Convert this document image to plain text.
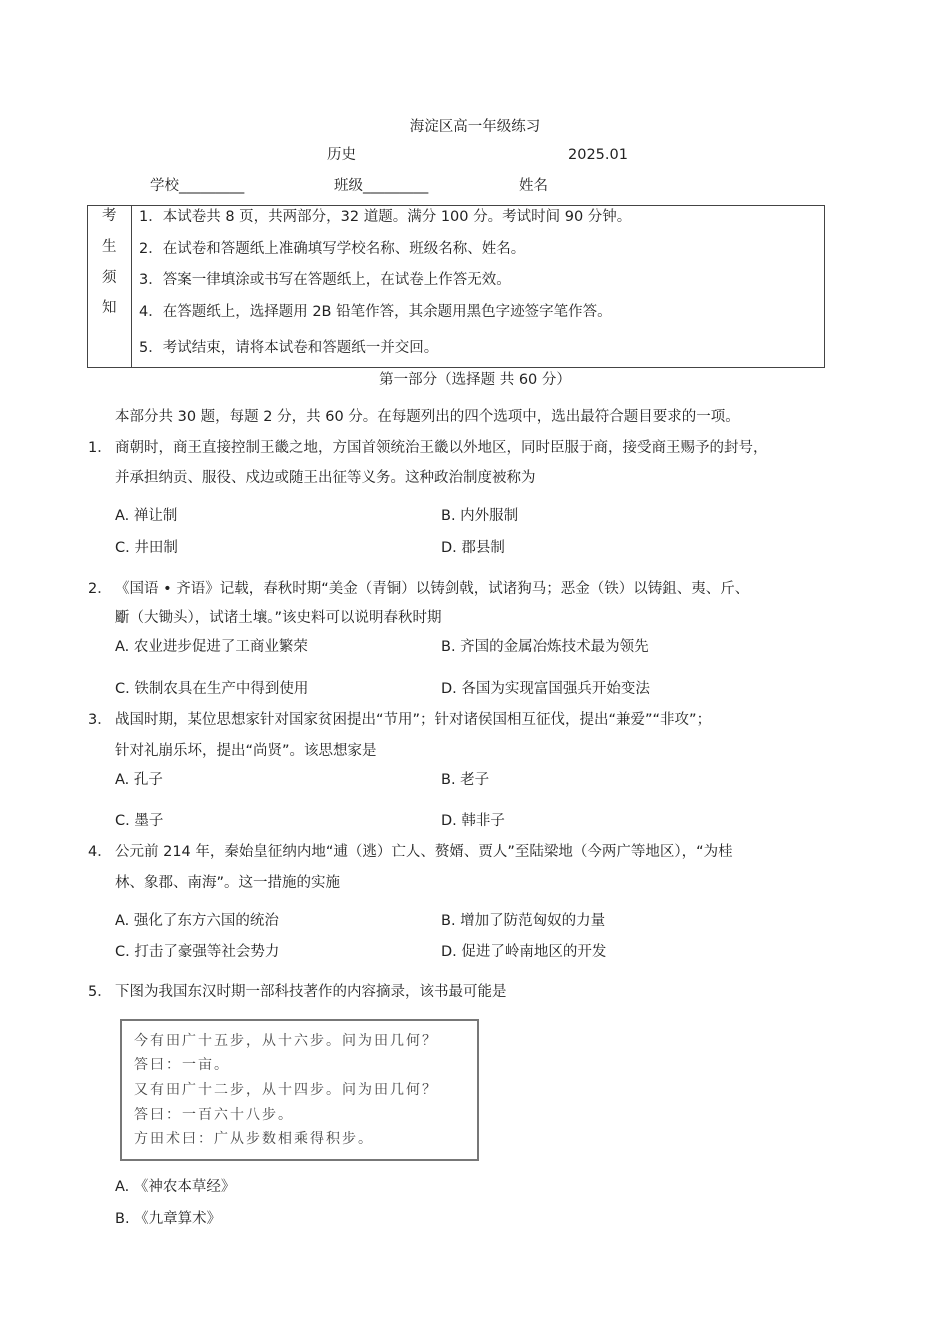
海淀区高一年级练习
历史	2025.01
学校_________	班级_________	姓名
考
生
须
知
1．本试卷共 8 页，共两部分，32 道题。满分 100 分。考试时间 90 分钟。
2．在试卷和答题纸上准确填写学校名称、班级名称、姓名。
3．答案一律填涂或书写在答题纸上，在试卷上作答无效。
4．在答题纸上，选择题用 2B 铅笔作答，其余题用黑色字迹签字笔作答。
5．考试结束，请将本试卷和答题纸一并交回。
第一部分（选择题 共 60 分）
本部分共 30 题，每题 2 分，共 60 分。在每题列出的四个选项中，选出最符合题目要求的一项。
1． 商朝时，商王直接控制王畿之地，方国首领统治王畿以外地区，同时臣服于商，接受商王赐予的封号，
并承担纳贡、服役、戍边或随王出征等义务。这种政治制度被称为
A. 禅让制	B. 内外服制
C. 井田制	D. 郡县制
2． 《国语 • 齐语》记载，春秋时期“美金（青铜）以铸剑戟，试诸狗马；恶金（铁）以铸鉏、夷、斤、
斸（大锄头），试诸土壤。”该史料可以说明春秋时期
A. 农业进步促进了工商业繁荣	B. 齐国的金属冶炼技术最为领先
C. 铁制农具在生产中得到使用	D. 各国为实现富国强兵开始变法
3． 战国时期，某位思想家针对国家贫困提出“节用”；针对诸侯国相互征伐，提出“兼爱”“非攻”；
针对礼崩乐坏，提出“尚贤”。该思想家是
A. 孔子	B. 老子
C. 墨子	D. 韩非子
4． 公元前 214 年，秦始皇征纳内地“逋（逃）亡人、赘婿、贾人”至陆梁地（今两广等地区），“为桂
林、象郡、南海”。这一措施的实施
A. 强化了东方六国的统治	B. 增加了防范匈奴的力量
C. 打击了豪强等社会势力	D. 促进了岭南地区的开发
5． 下图为我国东汉时期一部科技著作的内容摘录，该书最可能是
今有田广十五步，从十六步。问为田几何？
答曰：一亩。
又有田广十二步，从十四步。问为田几何？
答曰：一百六十八步。
方田术曰：广从步数相乘得积步。
A. 《神农本草经》
B. 《九章算术》
